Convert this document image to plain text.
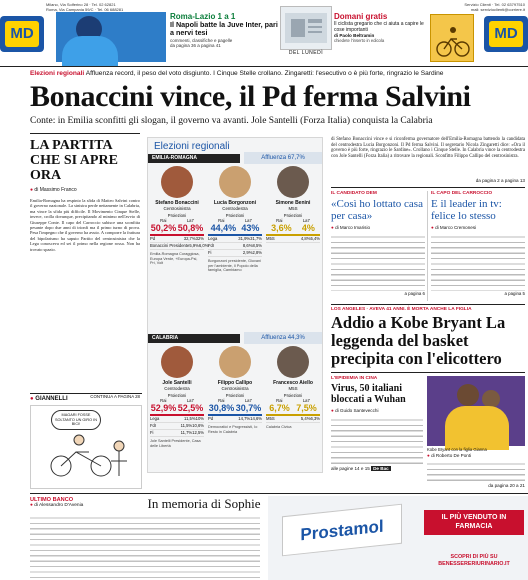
Milano, Via Solferino 28 · Tel. 02 62821
Roma, Via Campania 59/C · Tel. 06 688281
Servizio Clienti · Tel. 02 63797510
mail: servizioclienti@corriere.it
MD	MD
Roma-Lazio 1 a 1
Il Napoli batte la Juve Inter, pari a nervi tesi
commenti, classifiche e pagelle
da pagina 36 a pagina 41
DEL LUNEDÌ
Domani gratis
Il ciclista gregario che ci aiuta a capire le cose importanti
di Paolo Beltramin
chiedete l'inserto in edicola
Elezioni regionali Affluenza record, il peso del voto disgiunto. I Cinque Stelle crollano. Zingaretti: l'esecutivo o è più forte, ringrazio le Sardine
Bonaccini vince, il Pd ferma Salvini
Conte: in Emilia sconfitti gli slogan, il governo va avanti. Jole Santelli (Forza Italia) conquista la Calabria
LA PARTITA CHE SI APRE ORA
● di Massimo Franco
Emilia-Romagna ha respinto la sfida di Matteo Salvini contro il governo nazionale. La sinistra perde nettamente in Calabria, ma vince la sfida più difficile. Il Movimento Cinque Stelle, invece, crolla dovunque, precipitando al minimo nell'avvio di Giuseppe Conte. Il capo del Carroccio subisce una sconfitta pesante dopo due anni di trionfi ma il primo turno di prova. Pesa l'impegno che il governo ha avuto. A comporre la frattura del bipolarismo ha saputo Partito del centrosinistra che la Lega conosceva ed sei il primo nella regione rossa. Non ha trovato spazio.
CONTINUA A PAGINA 28
Elezioni regionali
EMILIA-ROMAGNA	Affluenza 67,7%
Stefano Bonaccini
Centrosinistra
Proiezioni
Rai	La7
50,2% 50,8%
Pd	32,7% 32%
Bonaccini Presidente 5,9% 6,0%
Emilia-Romagna Coraggiosa, Europa Verde, +Europa-Psi, Pri, Volt
Lucia Borgonzoni
Centrodestra
Proiezioni
Rai	La7
44,4% 43%
Lega	31,9% 31,7%
FdI	8,6% 8,5%
Fi	2,9% 2,8%
Borgonzoni presidente, Giovani per l'ambiente, Il Popolo della famiglia, Cambiamo
Simone Benini
M5S
Proiezioni
Rai	La7
3,6% 4%
M5S	4,8% 5,4%
CALABRIA	Affluenza 44,3%
Jole Santelli
Centrodestra
Proiezioni
Rai	La7
52,9% 52,5%
Lega	11,5% 10%
FdI	11,5% 10,6%
Fi	11,7% 12,5%
Jole Santelli Presidente, Casa delle Libertà
Filippo Callipo
Centrosinistra
Proiezioni
Rai	La7
30,8% 30,7%
Pd	14,7% 14,6%
Democratici e Progressisti, Io Resto in Calabria
Francesco Aiello
M5S
Proiezioni
Rai	La7
6,7% 7,5%
M5S	5,4% 6,3%
Calabria Civica
● GIANNELLI
MAGARI FOSSE SOLTANTO UN GIRO IN BICI!
di Stefano Bonaccini vince e si riconferma governatore dell'Emilia-Romagna battendo la candidata del centrodestra Lucia Borgonzoni. Il Pd ferma Salvini. Il segretario Nicola Zingaretti dice: «Ora il governo è più forte, ringrazio le Sardine». Crollano i Cinque Stelle. In Calabria vince la centrodestra con Jole Santelli (Forza Italia) a ritrovare la regionali. Sconfitto Filippo Callipo del centrosinistra.
da pagina 2 a pagina 13
IL CANDIDATO DEM
«Così ho lottato casa per casa»
● di Marco Imarisio
a pagina 6
IL CAPO DEL CARROCCIO
E il leader in tv: felice lo stesso
● di Marco Cremonesi
a pagina 5
LOS ANGELES · AVEVA 41 ANNI. È MORTA ANCHE LA FIGLIA
Addio a Kobe Bryant La leggenda del basket precipita con l'elicottero
L'EPIDEMIA IN CINA
Virus, 50 italiani bloccati a Wuhan
● di Guido Santevecchi
alle pagine 14 e 15 De Bac
Kobe Bryant con la figlia Gianna
● di Roberto De Ponti
da pagina 20 a 21
ULTIMO BANCO
● di Alessandro D'Avenia	In memoria di Sophie
Prostamol	IL PIÙ VENDUTO IN FARMACIA
SCOPRI DI PIÙ SU BENESSERERIURINARIO.IT
